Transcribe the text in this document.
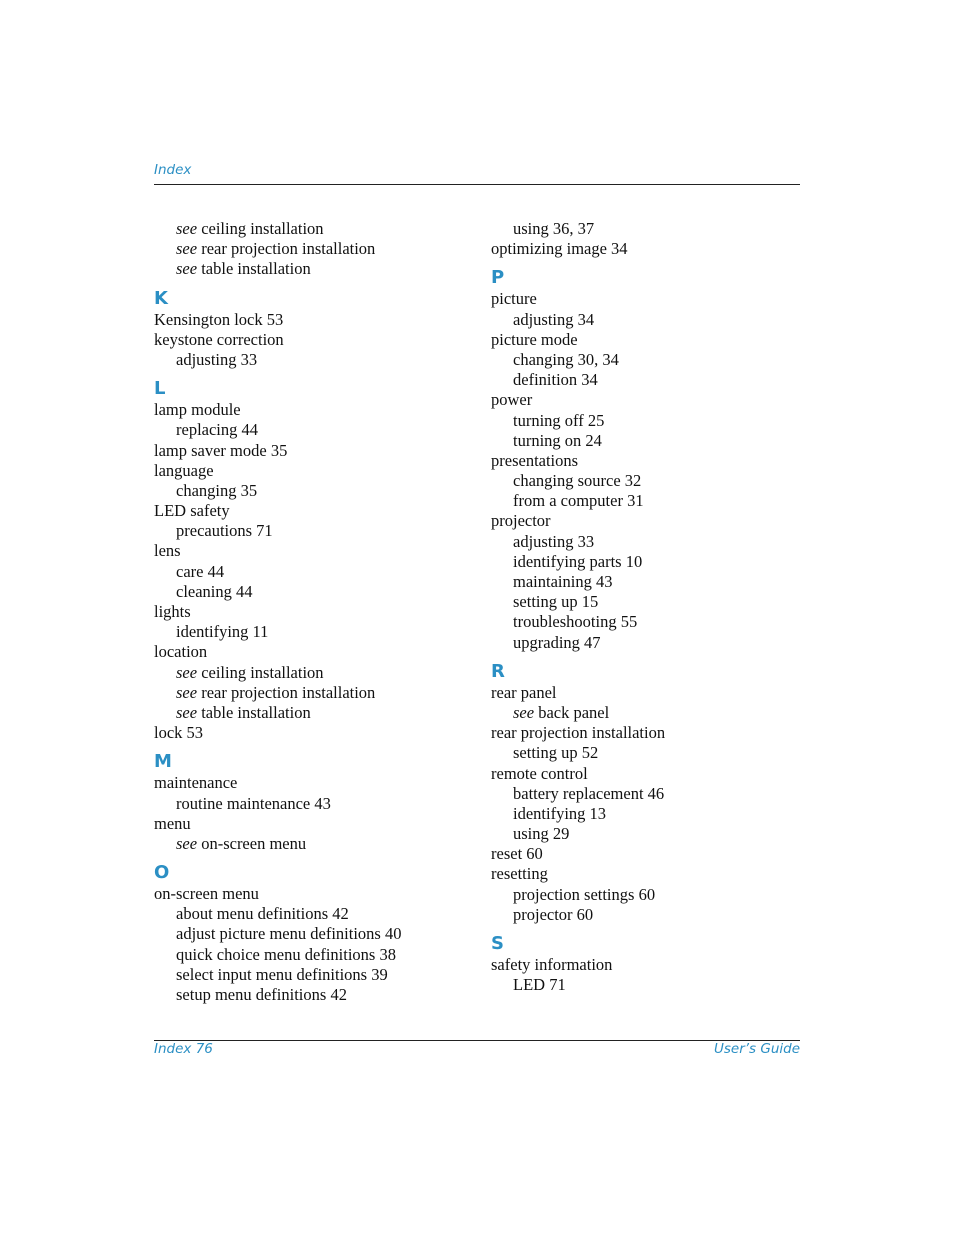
Index
see ceiling installation
see rear projection installation
see table installation
K
Kensington lock 53
keystone correction
adjusting 33
L
lamp module
replacing 44
lamp saver mode 35
language
changing 35
LED safety
precautions 71
lens
care 44
cleaning 44
lights
identifying 11
location
see ceiling installation
see rear projection installation
see table installation
lock 53
M
maintenance
routine maintenance 43
menu
see on-screen menu
O
on-screen menu
about menu definitions 42
adjust picture menu definitions 40
quick choice menu definitions 38
select input menu definitions 39
setup menu definitions 42
using 36, 37
optimizing image 34
P
picture
adjusting 34
picture mode
changing 30, 34
definition 34
power
turning off 25
turning on 24
presentations
changing source 32
from a computer 31
projector
adjusting 33
identifying parts 10
maintaining 43
setting up 15
troubleshooting 55
upgrading 47
R
rear panel
see back panel
rear projection installation
setting up 52
remote control
battery replacement 46
identifying 13
using 29
reset 60
resetting
projection settings 60
projector 60
S
safety information
LED 71
Index 76	User’s Guide
